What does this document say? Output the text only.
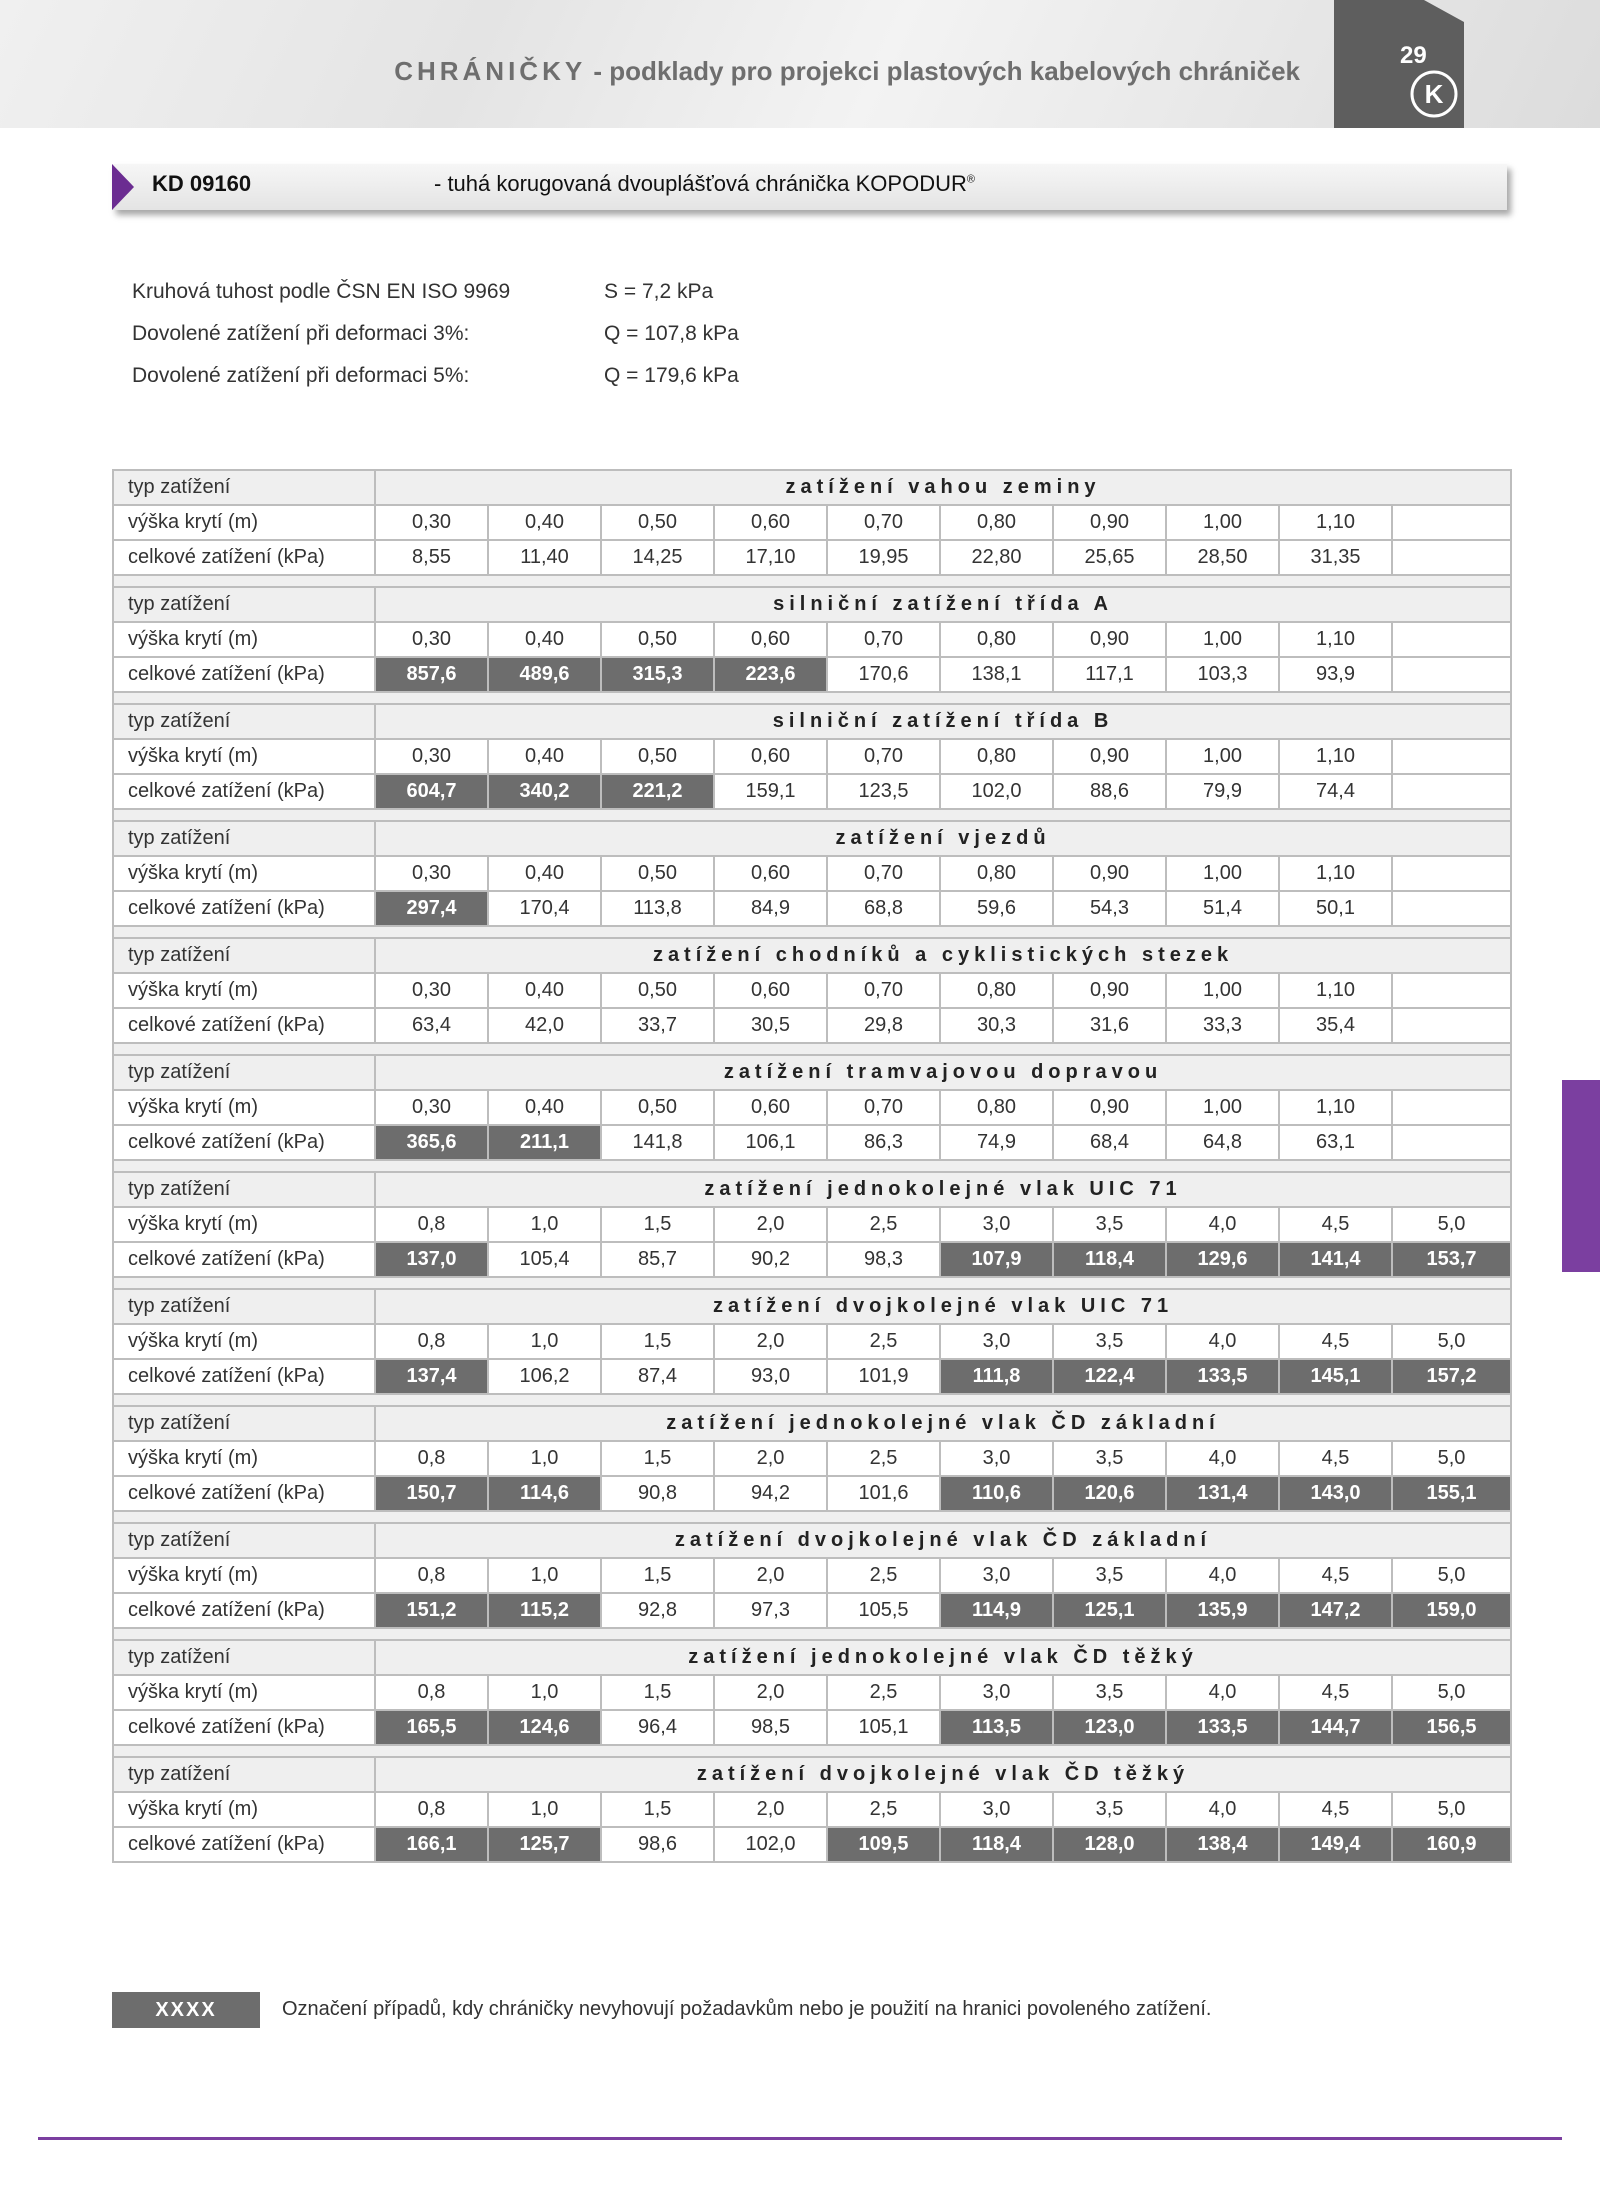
CHRÁNIČKY - podklady pro projekci plastových kabelových chrániček
K
29
KD 09160	- tuhá korugovaná dvouplášťová chránička KOPODUR®
Kruhová tuhost podle ČSN EN ISO 9969	S = 7,2 kPa
Dovolené zatížení při deformaci 3%:	Q = 107,8 kPa
Dovolené zatížení při deformaci 5%:	Q = 179,6 kPa
typ zatížení	zatížení vahou zeminy									
výška krytí (m)	0,30	0,40	0,50	0,60	0,70	0,80	0,90	1,00	1,10	
celkové zatížení (kPa)	8,55	11,40	14,25	17,10	19,95	22,80	25,65	28,50	31,35	

typ zatížení	silniční zatížení třída A									
výška krytí (m)	0,30	0,40	0,50	0,60	0,70	0,80	0,90	1,00	1,10	
celkové zatížení (kPa)	857,6	489,6	315,3	223,6	170,6	138,1	117,1	103,3	93,9	

typ zatížení	silniční zatížení třída B									
výška krytí (m)	0,30	0,40	0,50	0,60	0,70	0,80	0,90	1,00	1,10	
celkové zatížení (kPa)	604,7	340,2	221,2	159,1	123,5	102,0	88,6	79,9	74,4	

typ zatížení	zatížení vjezdů									
výška krytí (m)	0,30	0,40	0,50	0,60	0,70	0,80	0,90	1,00	1,10	
celkové zatížení (kPa)	297,4	170,4	113,8	84,9	68,8	59,6	54,3	51,4	50,1	

typ zatížení	zatížení chodníků a cyklistických stezek									
výška krytí (m)	0,30	0,40	0,50	0,60	0,70	0,80	0,90	1,00	1,10	
celkové zatížení (kPa)	63,4	42,0	33,7	30,5	29,8	30,3	31,6	33,3	35,4	

typ zatížení	zatížení tramvajovou dopravou									
výška krytí (m)	0,30	0,40	0,50	0,60	0,70	0,80	0,90	1,00	1,10	
celkové zatížení (kPa)	365,6	211,1	141,8	106,1	86,3	74,9	68,4	64,8	63,1	

typ zatížení	zatížení jednokolejné vlak UIC 71									
výška krytí (m)	0,8	1,0	1,5	2,0	2,5	3,0	3,5	4,0	4,5	5,0
celkové zatížení (kPa)	137,0	105,4	85,7	90,2	98,3	107,9	118,4	129,6	141,4	153,7

typ zatížení	zatížení dvojkolejné vlak UIC 71									
výška krytí (m)	0,8	1,0	1,5	2,0	2,5	3,0	3,5	4,0	4,5	5,0
celkové zatížení (kPa)	137,4	106,2	87,4	93,0	101,9	111,8	122,4	133,5	145,1	157,2

typ zatížení	zatížení jednokolejné vlak ČD základní									
výška krytí (m)	0,8	1,0	1,5	2,0	2,5	3,0	3,5	4,0	4,5	5,0
celkové zatížení (kPa)	150,7	114,6	90,8	94,2	101,6	110,6	120,6	131,4	143,0	155,1

typ zatížení	zatížení dvojkolejné vlak ČD základní									
výška krytí (m)	0,8	1,0	1,5	2,0	2,5	3,0	3,5	4,0	4,5	5,0
celkové zatížení (kPa)	151,2	115,2	92,8	97,3	105,5	114,9	125,1	135,9	147,2	159,0

typ zatížení	zatížení jednokolejné vlak ČD těžký									
výška krytí (m)	0,8	1,0	1,5	2,0	2,5	3,0	3,5	4,0	4,5	5,0
celkové zatížení (kPa)	165,5	124,6	96,4	98,5	105,1	113,5	123,0	133,5	144,7	156,5

typ zatížení	zatížení dvojkolejné vlak ČD těžký									
výška krytí (m)	0,8	1,0	1,5	2,0	2,5	3,0	3,5	4,0	4,5	5,0
celkové zatížení (kPa)	166,1	125,7	98,6	102,0	109,5	118,4	128,0	138,4	149,4	160,9
XXXX	Označení případů, kdy chráničky nevyhovují požadavkům nebo je použití na hranici povoleného zatížení.
